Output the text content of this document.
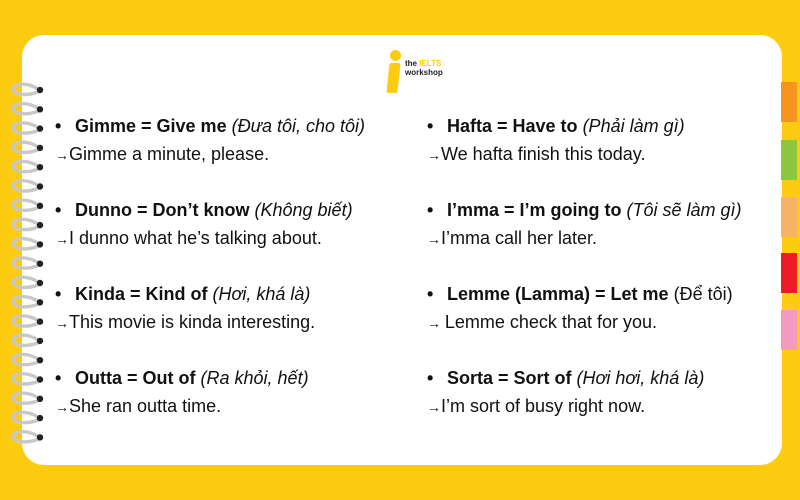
the IELTS
workshop
• Gimme = Give me (Đưa tôi, cho tôi)
→Gimme a minute, please.
• Dunno = Don’t know (Không biết)
→I dunno what he’s talking about.
• Kinda = Kind of (Hơi, khá là)
→This movie is kinda interesting.
• Outta = Out of (Ra khỏi, hết)
→She ran outta time.
• Hafta = Have to (Phải làm gì)
→We hafta finish this today.
• I’mma = I’m going to (Tôi sẽ làm gì)
→I’mma call her later.
• Lemme (Lamma) = Let me (Để tôi)
→ Lemme check that for you.
• Sorta = Sort of (Hơi hơi, khá là)
→I’m sort of busy right now.
